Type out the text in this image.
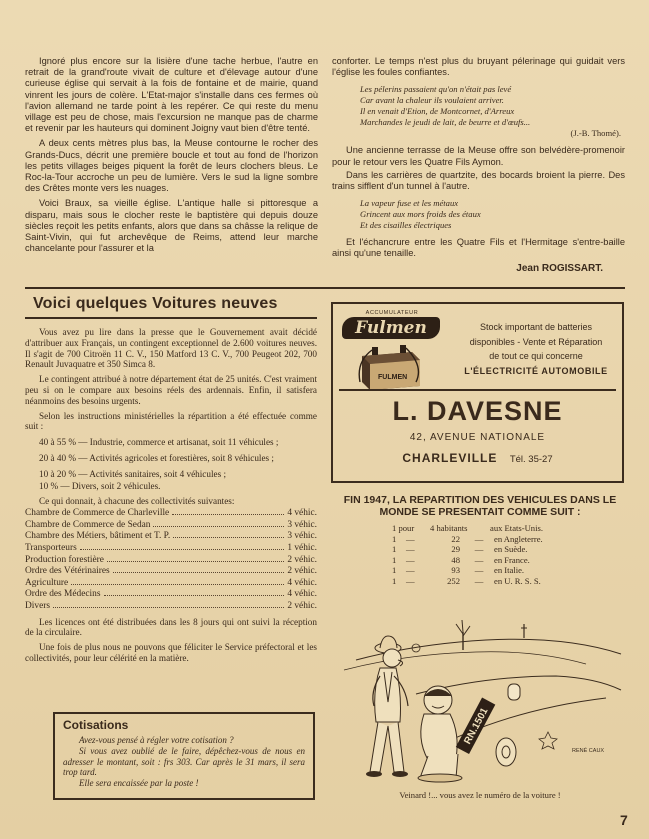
Ignoré plus encore sur la lisière d'une tache herbue, l'autre en retrait de la grand'route vivait de culture et d'élevage autour d'une curieuse église qui servait à la fois de fontaine et de mairie, quand vinrent les jours de colère. L'Etat-major s'installe dans ces fermes où l'avion allemand ne tarde point à les repérer. Ce qui reste du menu village est peu de chose, mais l'excursion ne manque pas de charme et revenir par les hauteurs qui dominent Joigny vaut bien d'être tenté.

A deux cents mètres plus bas, la Meuse contourne le rocher des Grands-Ducs, décrit une première boucle et tout au fond de l'horizon les petits villages beiges piquent la forêt de leurs clochers bleus. Le Roc-la-Tour accroche un peu de lumière. Vers le sud la ligne sombre des Crêtes monte vers les nuages.

Voici Braux, sa vieille église. L'antique halle si pittoresque a disparu, mais sous le clocher reste le baptistère qui depuis douze siècles reçoit les petits enfants, alors que dans sa châsse la relique de Saint-Vivin, qui fut archevêque de Reims, attend leur marche chancelante pour l'assurer et la

conforter. Le temps n'est plus du bruyant pélerinage qui guidait vers l'église les foules confiantes.

Les pélerins passaient qu'on n'était pas levé
Car avant la chaleur ils voulaient arriver.
Il en venait d'Etion, de Montcornet, d'Arreux
Marchandes le jeudi de lait, de beurre et d'œufs...
(J.-B. Thomé).

Une ancienne terrasse de la Meuse offre son belvédère-promenoir pour le retour vers les Quatre Fils Aymon.

Dans les carrières de quartzite, des bocards broient la pierre. Des trains sifflent d'un tunnel à l'autre.

La vapeur fuse et les métaux
Grincent aux mors froids des étaux
Et des cisailles électriques

Et l'échancrure entre les Quatre Fils et l'Hermitage s'entre-baille ainsi qu'une tenaille.

Jean ROGISSART.
Voici quelques Voitures neuves

Vous avez pu lire dans la presse que le Gouvernement avait décidé d'attribuer aux Français, un contingent exceptionnel de 2.600 voitures neuves. Il s'agit de 700 Citroën 11 C. V., 150 Matford 13 C. V., 700 Peugeot 202, 700 Renault Juvaquatre et 350 Simca 8.

Le contingent attribué à notre département état de 25 unités. C'est vraiment peu si on le compare aux besoins réels des ardennais. Enfin, il satisfera néanmoins des besoins urgents.

Selon les instructions ministérielles la répartition a été effectuée comme suit :

40 à 55 % — Industrie, commerce et artisanat, soit 11 véhicules ;

20 à 40 % — Activités agricoles et forestières, soit 8 véhicules ;

10 à 20 % — Activités sanitaires, soit 4 véhicules ;

10 % — Divers, soit 2 véhicules.

Ce qui donnait, à chacune des collectivités suivantes:

Chambre de Commerce de Charleville	4 véhic.
Chambre de Commerce de Sedan	3 véhic.
Chambre des Métiers, bâtiment et T. P.	3 véhic.
Transporteurs	1 véhic.
Production forestière	2 véhic.
Ordre des Vétérinaires	2 véhic.
Agriculture	4 véhic.
Ordre des Médecins	4 véhic.
Divers	2 véhic.

Les licences ont été distribuées dans les 8 jours qui ont suivi la réception de la circulaire.

Une fois de plus nous ne pouvons que féliciter le Service préfectoral et les collectivités, pour leur célérité en la matière.

Cotisations
Avez-vous pensé à régler votre cotisation ?
Si vous avez oublié de le faire, dépêchez-vous de nous en adresser le montant, soit : frs 303. Car après le 31 mars, il sera trop tard.
Elle sera encaissée par la poste !
ACCUMULATEUR
Fulmen
FULMEN
Stock important de batteries
disponibles - Vente et Réparation
de tout ce qui concerne
L'ÉLECTRICITÉ AUTOMOBILE
L. DAVESNE
42, AVENUE NATIONALE
CHARLEVILLE Tél. 35-27
FIN 1947, LA REPARTITION DES VEHICULES DANS LE MONDE SE PRESENTAIT COMME SUIT :
1 pour	4 habitants	aux Etats-Unis.
1	—	22	—	en Angleterre.
1	—	29	—	en Suède.
1	—	48	—	en France.
1	—	93	—	en Italie.
1	—	252	—	en U. R. S. S.
RN.1501
RENÉ CAUX
Veinard !... vous avez le numéro de la voiture !
7
